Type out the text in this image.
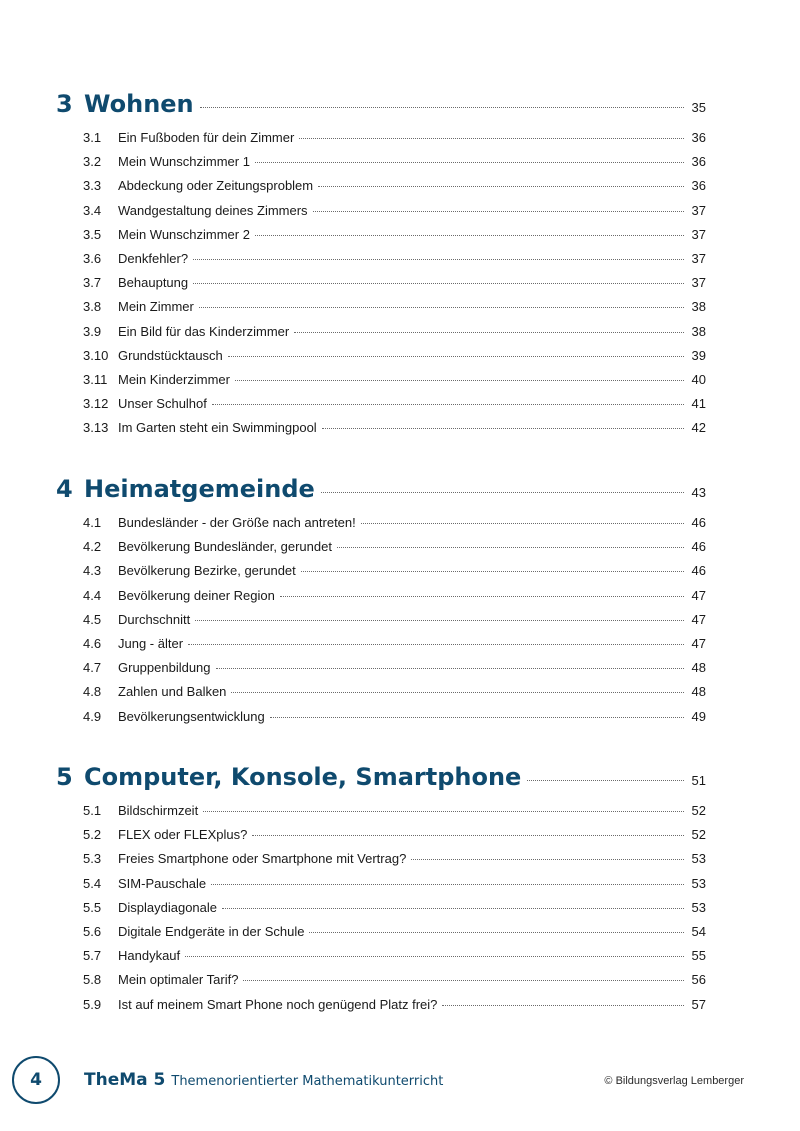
3 Wohnen	35
3.1	Ein Fußboden für dein Zimmer	36
3.2	Mein Wunschzimmer 1	36
3.3	Abdeckung oder Zeitungsproblem	36
3.4	Wandgestaltung deines Zimmers	37
3.5	Mein Wunschzimmer 2	37
3.6	Denkfehler?	37
3.7	Behauptung	37
3.8	Mein Zimmer	38
3.9	Ein Bild für das Kinderzimmer	38
3.10 Grundstücktausch	39
3.11 Mein Kinderzimmer	40
3.12 Unser Schulhof	41
3.13 Im Garten steht ein Swimmingpool	42
4 Heimatgemeinde	43
4.1	Bundesländer - der Größe nach antreten!	46
4.2	Bevölkerung Bundesländer, gerundet	46
4.3	Bevölkerung Bezirke, gerundet	46
4.4	Bevölkerung deiner Region	47
4.5	Durchschnitt	47
4.6	Jung - älter	47
4.7	Gruppenbildung	48
4.8	Zahlen und Balken	48
4.9	Bevölkerungsentwicklung	49
5 Computer, Konsole, Smartphone	51
5.1	Bildschirmzeit	52
5.2	FLEX oder FLEXplus?	52
5.3	Freies Smartphone oder Smartphone mit Vertrag?	53
5.4	SIM-Pauschale	53
5.5	Displaydiagonale	53
5.6	Digitale Endgeräte in der Schule	54
5.7	Handykauf	55
5.8	Mein optimaler Tarif?	56
5.9	Ist auf meinem Smart Phone noch genügend Platz frei?	57
4 TheMa 5 Themenorientierter Mathematikunterricht	© Bildungsverlag Lemberger
